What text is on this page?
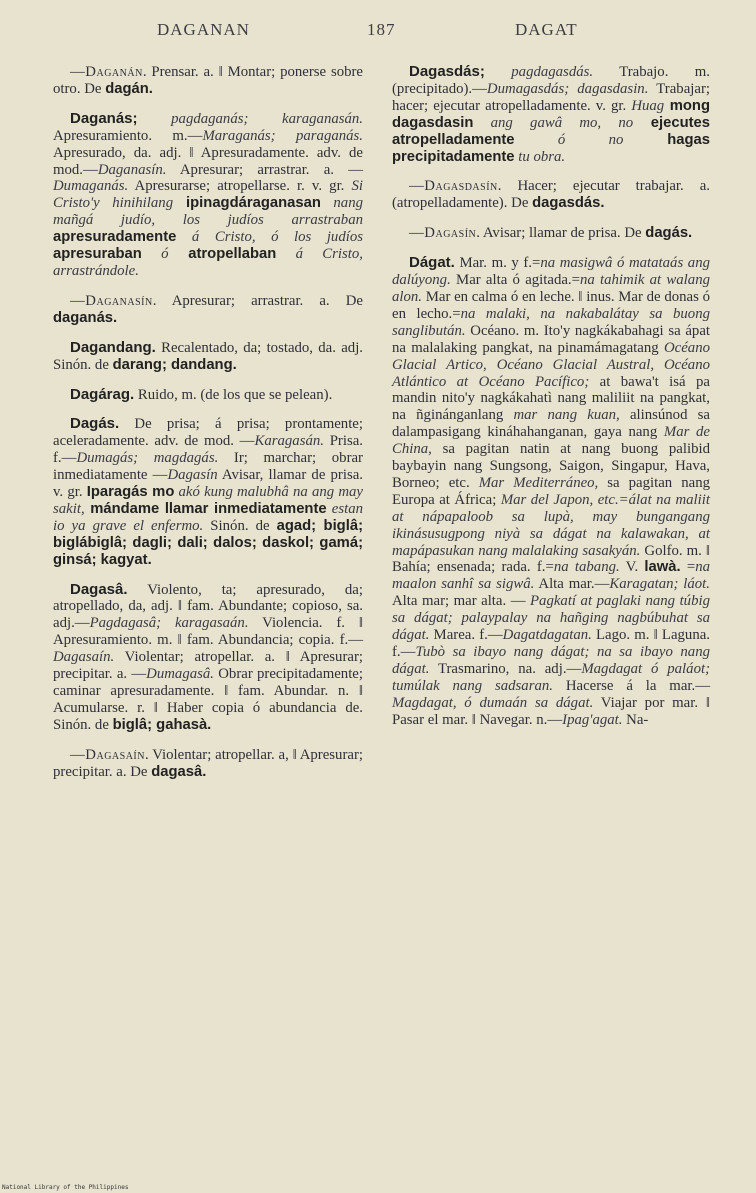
DAGANAN	187	DAGAT

—Daganán. Prensar. a. ‖ Montar; ponerse sobre otro. De dagán.

Daganás; pagdaganás; karaganasán. Apresuramiento. m.—Maraganás; paraganás. Apresurado, da. adj. ‖ Apresuradamente. adv. de mod.—Daganasín. Apresurar; arrastrar. a. —Dumaganás. Apresurarse; atropellarse. r. v. gr. Si Cristo'y hinihilang ipinagdáraganasan nang mañgá judío, los judíos arrastraban apresuradamente á Cristo, ó los judíos apresuraban ó atropellaban á Cristo, arrastrándole.

—Daganasín. Apresurar; arrastrar. a. De daganás.

Dagandang. Recalentado, da; tostado, da. adj. Sinón. de darang; dandang.

Dagárag. Ruido, m. (de los que se pelean).

Dagás. De prisa; á prisa; prontamente; aceleradamente. adv. de mod. —Karagasán. Prisa. f.—Dumagás; magdagás. Ir; marchar; obrar inmediatamente —Dagasín Avisar, llamar de prisa. v. gr. Iparagás mo akó kung malubhâ na ang may sakit, mándame llamar inmediatamente estan io ya grave el enfermo. Sinón. de agad; biglâ; biglábiglâ; dagli; dali; dalos; daskol; gamá; ginsá; kagyat.

Dagasâ. Violento, ta; apresurado, da; atropellado, da, adj. ‖ fam. Abundante; copioso, sa. adj.—Pagdagasâ; karagasaán. Violencia. f. ‖ Apresuramiento. m. ‖ fam. Abundancia; copia. f.—Dagasaín. Violentar; atropellar. a. ‖ Apresurar; precipitar. a. —Dumagasâ. Obrar precipitadamente; caminar apresuradamente. ‖ fam. Abundar. n. ‖ Acumularse. r. ‖ Haber copia ó abundancia de. Sinón. de biglâ; gahasà.

—Dagasaín. Violentar; atropellar. a, ‖ Apresurar; precipitar. a. De dagasâ.

Dagasdás; pagdagasdás. Trabajo. m. (precipitado).—Dumagasdás; dagasdasin. Trabajar; hacer; ejecutar atropelladamente. v. gr. Huag mong dagasdasin ang gawâ mo, no ejecutes atropelladamente ó no hagas precipitadamente tu obra.

—Dagasdasín. Hacer; ejecutar trabajar. a. (atropelladamente). De dagasdás.

—Dagasín. Avisar; llamar de prisa. De dagás.

Dágat. Mar. m. y f.=na masigwâ ó matataás ang dalúyong. Mar alta ó agitada.=na tahimik at walang alon. Mar en calma ó en leche. ‖ inus. Mar de donas ó en lecho.=na malaki, na nakabalátay sa buong sanglibután. Océano. m. Ito'y nagkákabahagi sa ápat na malalaking pangkat, na pinamámagatang Océano Glacial Artico, Océano Glacial Austral, Océano Atlántico at Océano Pacífico; at bawa't isá pa mandin nito'y nagkákahatì nang maliliit na pangkat, na ñginánganlang mar nang kuan, alinsúnod sa dalampasigang kináhahanganan, gaya nang Mar de China, sa pagitan natin at nang buong palibid baybayin nang Sungsong, Saigon, Singapur, Hava, Borneo; etc. Mar Mediterráneo, sa pagitan nang Europa at África; Mar del Japon, etc.=álat na maliit at nápapaloob sa lupà, may bungangang ikinásusugpong niyà sa dágat na kalawakan, at mapápasukan nang malalaking sasakyán. Golfo. m. ‖ Bahía; ensenada; rada. f.=na tabang. V. lawà. =na maalon sanhî sa sigwâ. Alta mar.—Karagatan; láot. Alta mar; mar alta. — Pagkatí at paglaki nang túbig sa dágat; palaypalay na hañging nagbúbuhat sa dágat. Marea. f.—Dagatdagatan. Lago. m. ‖ Laguna. f.—Tubò sa ibayo nang dágat; na sa ibayo nang dágat. Trasmarino, na. adj.—Magdagat ó paláot; tumúlak nang sadsaran. Hacerse á la mar.—Magdagat, ó dumaán sa dágat. Viajar por mar. ‖ Pasar el mar. ‖ Navegar. n.—Ipag'agat. Na-

National Library of the Philippines
